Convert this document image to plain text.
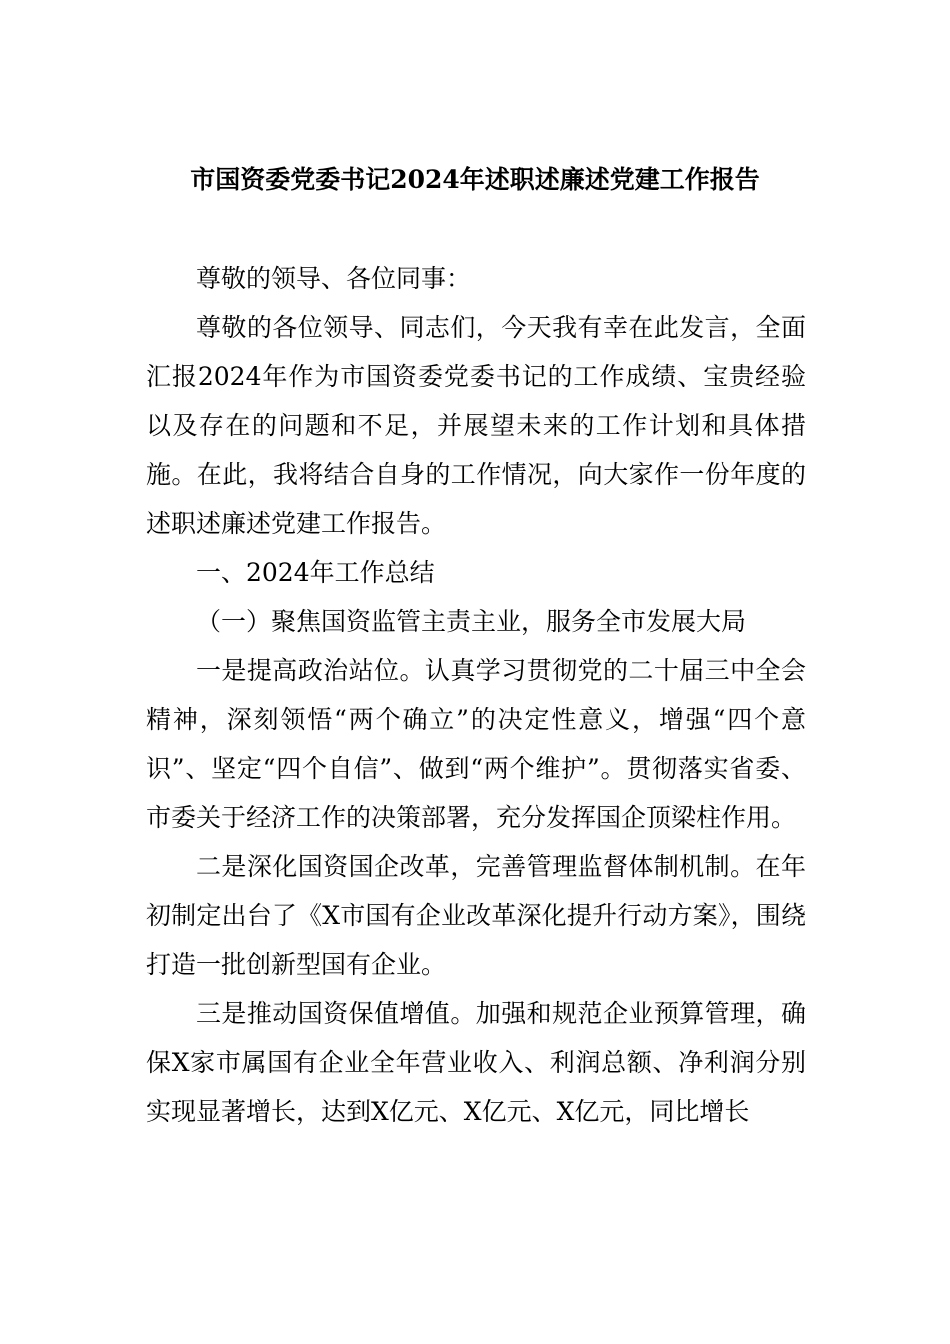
市国资委党委书记2024年述职述廉述党建工作报告

尊敬的领导、各位同事：

尊敬的各位领导、同志们，今天我有幸在此发言，全面汇报2024年作为市国资委党委书记的工作成绩、宝贵经验以及存在的问题和不足，并展望未来的工作计划和具体措施。在此，我将结合自身的工作情况，向大家作一份年度的述职述廉述党建工作报告。

一、2024年工作总结

（一）聚焦国资监管主责主业，服务全市发展大局

一是提高政治站位。认真学习贯彻党的二十届三中全会精神，深刻领悟“两个确立”的决定性意义，增强“四个意识”、坚定“四个自信”、做到“两个维护”。贯彻落实省委、市委关于经济工作的决策部署，充分发挥国企顶梁柱作用。

二是深化国资国企改革，完善管理监督体制机制。在年初制定出台了《X市国有企业改革深化提升行动方案》，围绕打造一批创新型国有企业。

三是推动国资保值增值。加强和规范企业预算管理，确保X家市属国有企业全年营业收入、利润总额、净利润分别实现显著增长，达到X亿元、X亿元、X亿元，同比增长
